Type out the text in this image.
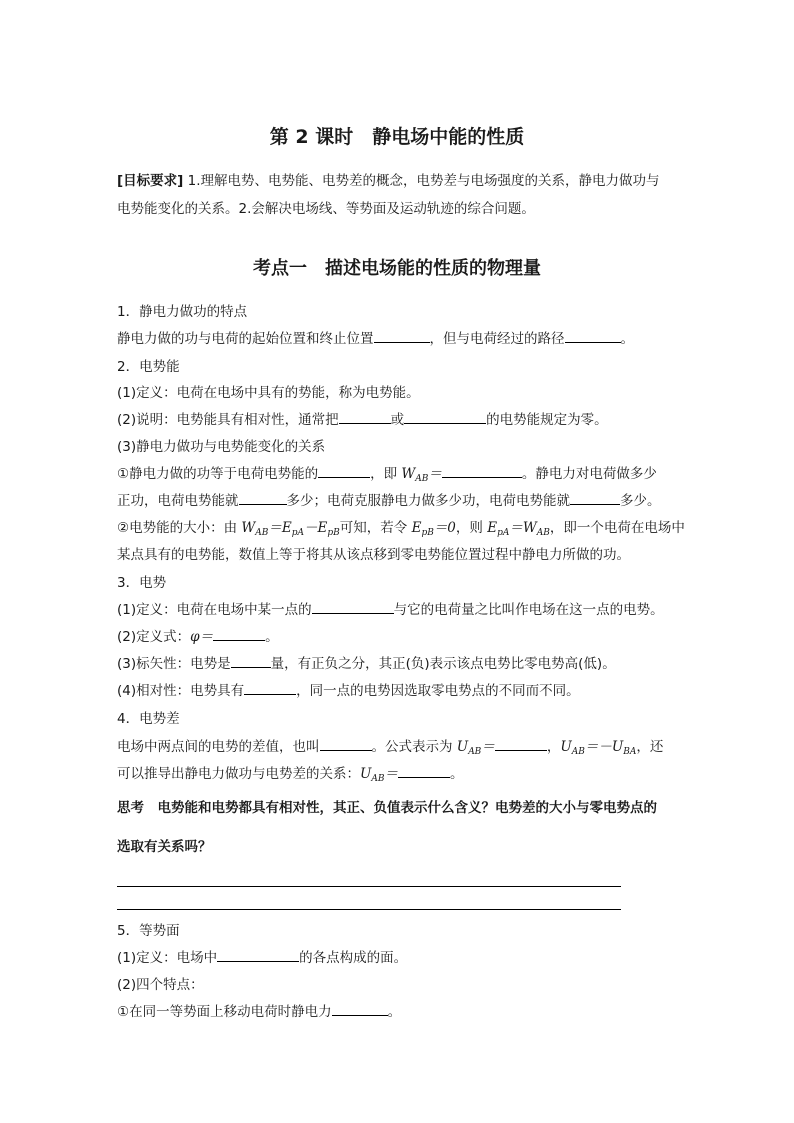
第 2 课时　静电场中能的性质
[目标要求] 1.理解电势、电势能、电势差的概念，电势差与电场强度的关系，静电力做功与
电势能变化的关系。2.会解决电场线、等势面及运动轨迹的综合问题。
考点一　描述电场能的性质的物理量
1．静电力做功的特点
静电力做的功与电荷的起始位置和终止位置	，但与电荷经过的路径	。
2．电势能
(1)定义：电荷在电场中具有的势能，称为电势能。
(2)说明：电势能具有相对性，通常把	或	的电势能规定为零。
(3)静电力做功与电势能变化的关系
①静电力做的功等于电荷电势能的	，即 $W_{AB}=$	。静电力对电荷做多少
正功，电荷电势能就	多少；电荷克服静电力做多少功，电荷电势能就	多少。
②电势能的大小：由 $W_{AB}=E_{pA}-E_{pB}$可知，若令 $E_{pB}=0$，则 $E_{pA}=W_{AB}$，即一个电荷在电场中
某点具有的电势能，数值上等于将其从该点移到零电势能位置过程中静电力所做的功。
3．电势
(1)定义：电荷在电场中某一点的	与它的电荷量之比叫作电场在这一点的电势。
(2)定义式：φ＝	。
(3)标矢性：电势是	量，有正负之分，其正(负)表示该点电势比零电势高(低)。
(4)相对性：电势具有	，同一点的电势因选取零电势点的不同而不同。
4．电势差
电场中两点间的电势的差值，也叫	。公式表示为 $U_{AB}=$	，$U_{AB}=-U_{BA}$，还
可以推导出静电力做功与电势差的关系：$U_{AB}=$	。
思考　 电势能和电势都具有相对性，其正、负值表示什么含义？电势差的大小与零电势点的
选取有关系吗？
5．等势面
(1)定义：电场中	的各点构成的面。
(2)四个特点：
①在同一等势面上移动电荷时静电力	。
